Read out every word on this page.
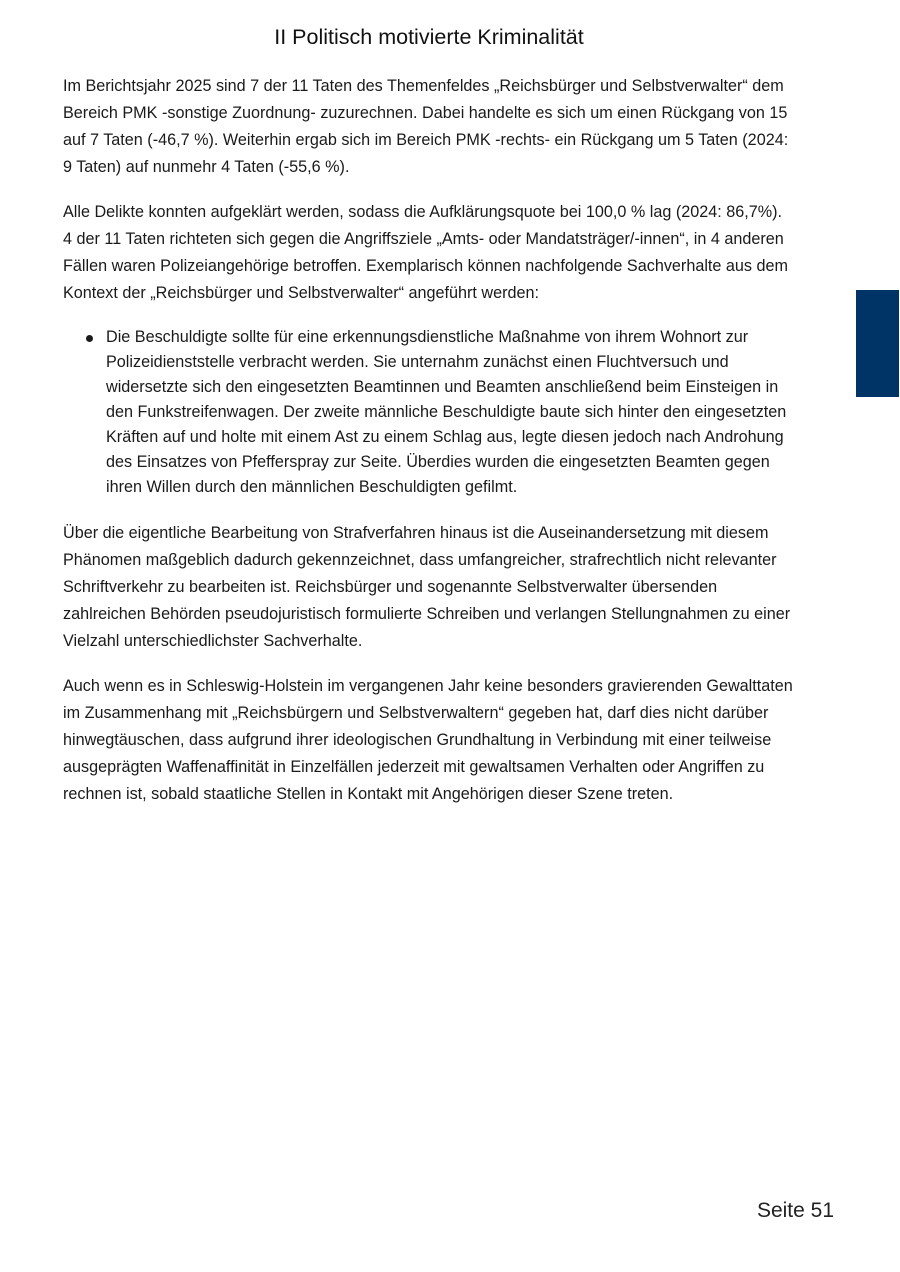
II Politisch motivierte Kriminalität

Im Berichtsjahr 2025 sind 7 der 11 Taten des Themenfeldes „Reichsbürger und Selbstverwalter“ dem Bereich PMK -sonstige Zuordnung- zuzurechnen. Dabei handelte es sich um einen Rückgang von 15 auf 7 Taten (-46,7 %). Weiterhin ergab sich im Bereich PMK -rechts- ein Rückgang um 5 Taten (2024: 9 Taten) auf nunmehr 4 Taten (-55,6 %).

Alle Delikte konnten aufgeklärt werden, sodass die Aufklärungsquote bei 100,0 % lag (2024: 86,7%). 4 der 11 Taten richteten sich gegen die Angriffsziele „Amts- oder Mandatsträger/-innen“, in 4 anderen Fällen waren Polizeiangehörige betroffen. Exemplarisch können nachfolgende Sachverhalte aus dem Kontext der „Reichsbürger und Selbstverwalter“ angeführt werden:

Die Beschuldigte sollte für eine erkennungsdienstliche Maßnahme von ihrem Wohnort zur Polizeidienststelle verbracht werden. Sie unternahm zunächst einen Fluchtversuch und widersetzte sich den eingesetzten Beamtinnen und Beamten anschließend beim Einsteigen in den Funkstreifenwagen. Der zweite männliche Beschuldigte baute sich hinter den eingesetzten Kräften auf und holte mit einem Ast zu einem Schlag aus, legte diesen jedoch nach Androhung des Einsatzes von Pfefferspray zur Seite. Überdies wurden die eingesetzten Beamten gegen ihren Willen durch den männlichen Beschuldigten gefilmt.

Über die eigentliche Bearbeitung von Strafverfahren hinaus ist die Auseinandersetzung mit diesem Phänomen maßgeblich dadurch gekennzeichnet, dass umfangreicher, strafrechtlich nicht relevanter Schriftverkehr zu bearbeiten ist. Reichsbürger und sogenannte Selbstverwalter übersenden zahlreichen Behörden pseudojuristisch formulierte Schreiben und verlangen Stellungnahmen zu einer Vielzahl unterschiedlichster Sachverhalte.

Auch wenn es in Schleswig-Holstein im vergangenen Jahr keine besonders gravierenden Gewalttaten im Zusammenhang mit „Reichsbürgern und Selbstverwaltern“ gegeben hat, darf dies nicht darüber hinwegtäuschen, dass aufgrund ihrer ideologischen Grundhaltung in Verbindung mit einer teilweise ausgeprägten Waffenaffinität in Einzelfällen jederzeit mit gewaltsamen Verhalten oder Angriffen zu rechnen ist, sobald staatliche Stellen in Kontakt mit Angehörigen dieser Szene treten.

Seite 51
